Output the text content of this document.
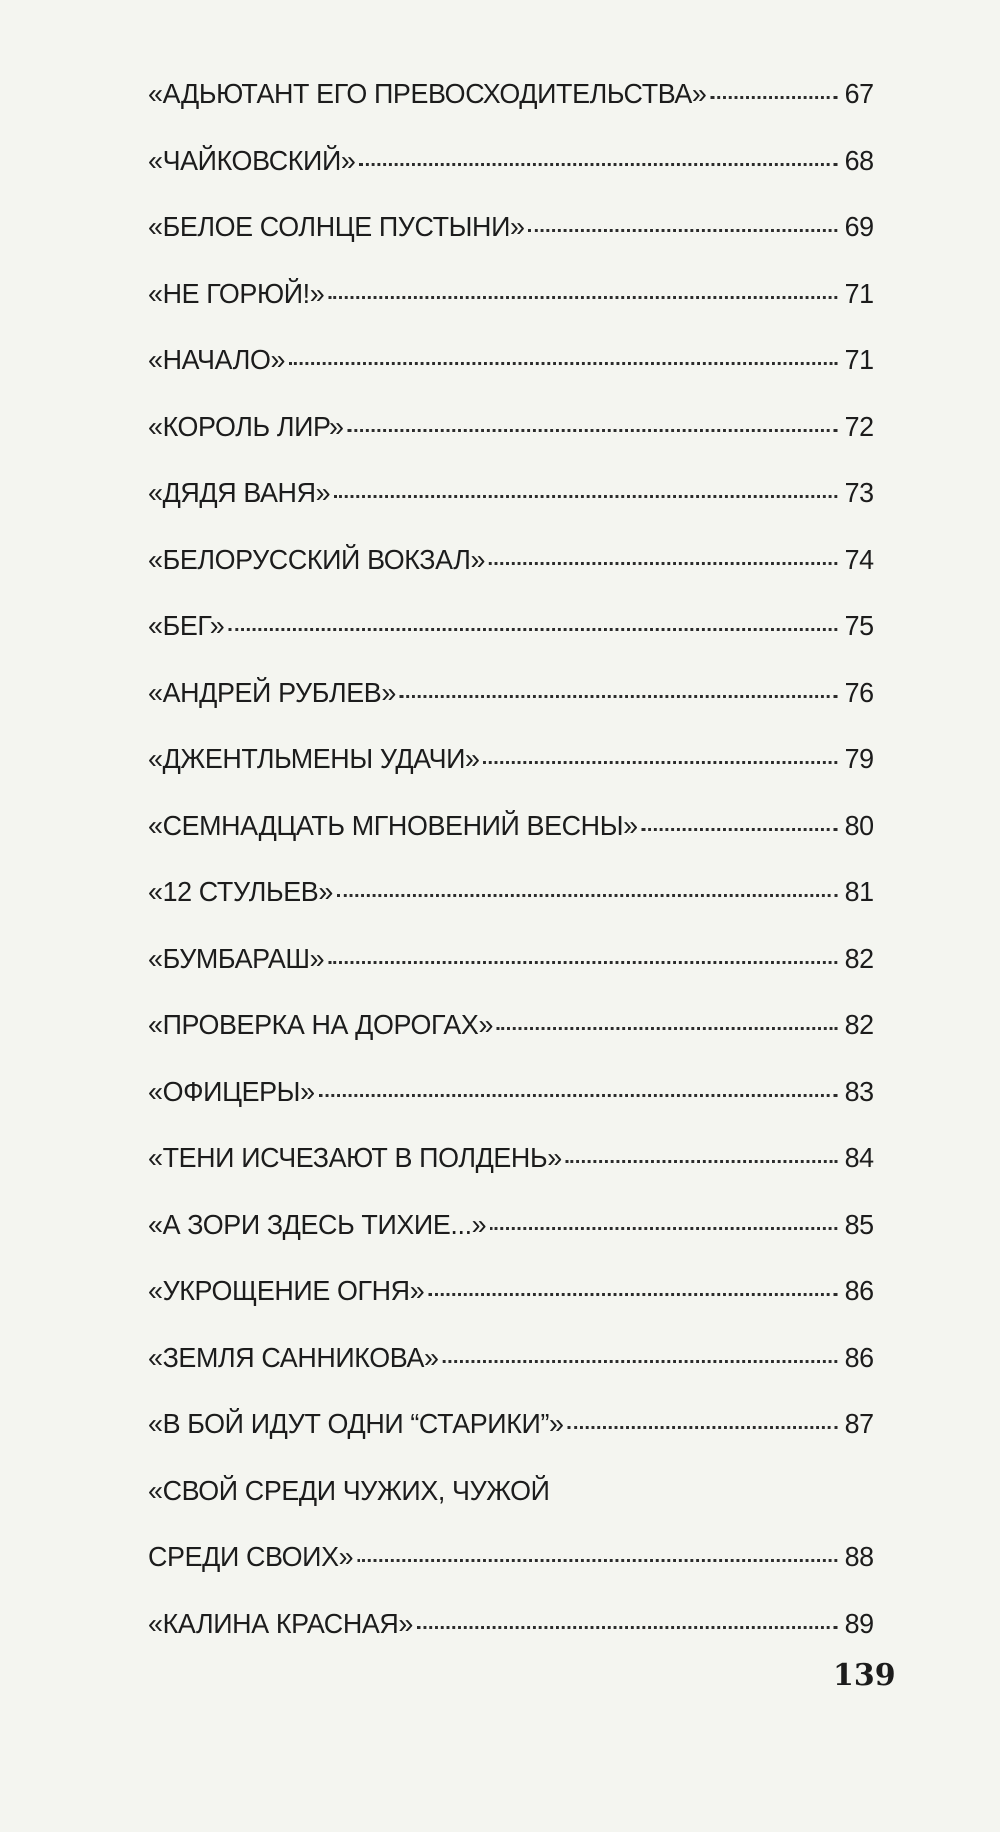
«АДЬЮТАНТ ЕГО ПРЕВОСХОДИТЕЛЬСТВА»	67
«ЧАЙКОВСКИЙ»	68
«БЕЛОЕ СОЛНЦЕ ПУСТЫНИ»	69
«НЕ ГОРЮЙ!»	71
«НАЧАЛО»	71
«КОРОЛЬ ЛИР»	72
«ДЯДЯ ВАНЯ»	73
«БЕЛОРУССКИЙ ВОКЗАЛ»	74
«БЕГ»	75
«АНДРЕЙ РУБЛЕВ»	76
«ДЖЕНТЛЬМЕНЫ УДАЧИ»	79
«СЕМНАДЦАТЬ МГНОВЕНИЙ ВЕСНЫ»	80
«12 СТУЛЬЕВ»	81
«БУМБАРАШ»	82
«ПРОВЕРКА НА ДОРОГАХ»	82
«ОФИЦЕРЫ»	83
«ТЕНИ ИСЧЕЗАЮТ В ПОЛДЕНЬ»	84
«А ЗОРИ ЗДЕСЬ ТИХИЕ...»	85
«УКРОЩЕНИЕ ОГНЯ»	86
«ЗЕМЛЯ САННИКОВА»	86
«В БОЙ ИДУТ ОДНИ “СТАРИКИ”»	87
«СВОЙ СРЕДИ ЧУЖИХ, ЧУЖОЙ
СРЕДИ СВОИХ»	88
«КАЛИНА КРАСНАЯ»	89
139
